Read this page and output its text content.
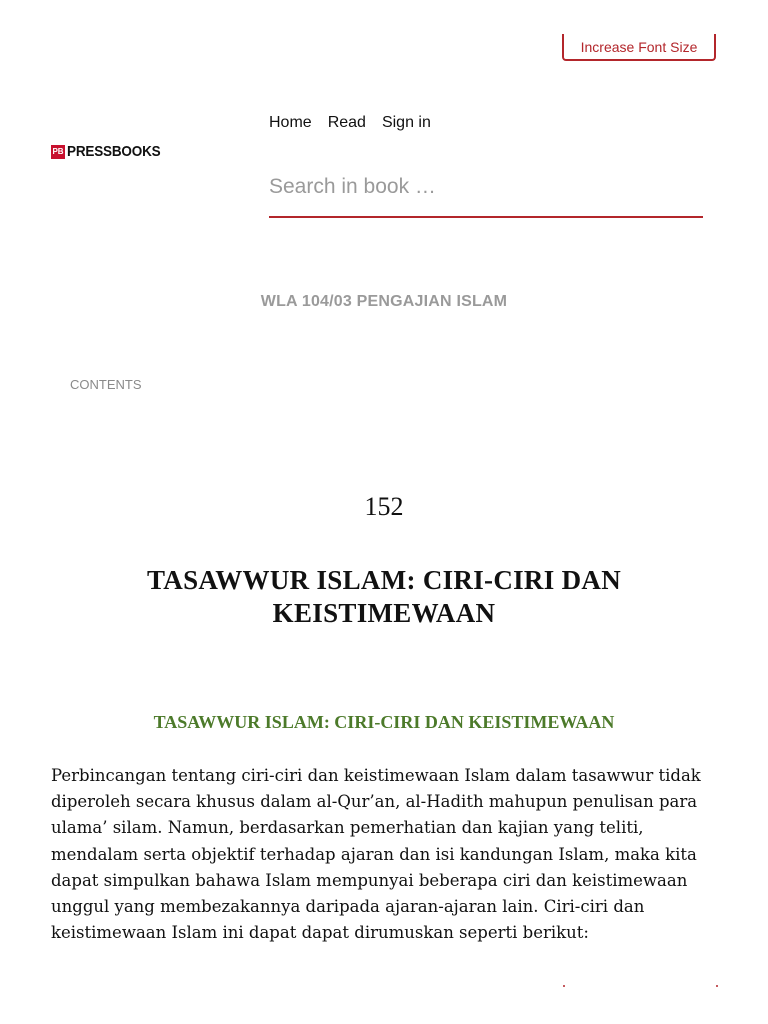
Increase Font Size
PB PRESSBOOKS
Home Read Sign in
Search in book …
WLA 104/03 PENGAJIAN ISLAM
CONTENTS
152
TASAWWUR ISLAM: CIRI-CIRI DAN KEISTIMEWAAN
TASAWWUR ISLAM: CIRI-CIRI DAN KEISTIMEWAAN

Perbincangan tentang ciri-ciri dan keistimewaan Islam dalam tasawwur tidak diperoleh secara khusus dalam al-Qur’an, al-Hadith mahupun penulisan para ulama’ silam. Namun, berdasarkan pemerhatian dan kajian yang teliti, mendalam serta objektif terhadap ajaran dan isi kandungan Islam, maka kita dapat simpulkan bahawa Islam mempunyai beberapa ciri dan keistimewaan unggul yang membezakannya daripada ajaran-ajaran lain. Ciri-ciri dan keistimewaan Islam ini dapat dapat dirumuskan seperti berikut:
